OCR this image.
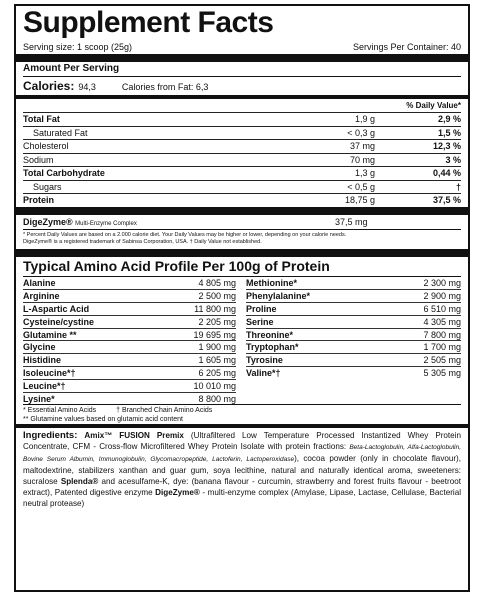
Supplement Facts
Serving size: 1 scoop (25g)	Servings Per Container: 40
Amount Per Serving
Calories: 94,3	Calories from Fat: 6,3
% Daily Value*
Total Fat	1,9 g	2,9 %
Saturated Fat	< 0,3 g	1,5 %
Cholesterol	37 mg	12,3 %
Sodium	70 mg	3 %
Total Carbohydrate	1,3 g	0,44 %
Sugars	< 0,5 g	†
Protein	18,75 g	37,5 %
DigeZyme® Multi-Enzyme Complex	37,5 mg
* Percent Daily Values are based on a 2.000 calorie diet. Your Daily Values may be higher or lower, depending on your calorie needs.
DigeZyme® is a registered trademark of Sabinsa Corporation, USA. † Daily Value not established.
Typical Amino Acid Profile Per 100g of Protein
Alanine	4 805 mg
Arginine	2 500 mg
L-Aspartic Acid	11 800 mg
Cysteine/cystine	2 205 mg
Glutamine **	19 695 mg
Glycine	1 900 mg
Histidine	1 605 mg
Isoleucine*†	6 205 mg
Leucine*†	10 010 mg
Lysine*	8 800 mg
Methionine*	2 300 mg
Phenylalanine*	2 900 mg
Proline	6 510 mg
Serine	4 305 mg
Threonine*	7 800 mg
Tryptophan*	1 700 mg
Tyrosine	2 505 mg
Valine*†	5 305 mg
* Essential Amino Acids	† Branched Chain Amino Acids
** Glutamine values based on glutamic acid content
Ingredients: Amix™ FUSION Premix (Ultrafiltered Low Temperature Processed Instantized Whey Protein Concentrate, CFM - Cross-flow Microfiltered Whey Protein Isolate with protein fractions: Beta-Lactoglobulin, Alfa-Lactoglobulin, Bovine Serum Albumin, Immunoglobulin, Glycomacropeptide, Lactoferin, Lactoperoxidase), cocoa powder (only in chocolate flavour), maltodextrine, stabilizers xanthan and guar gum, soya lecithine, natural and naturally identical aroma, sweeteners: sucralose Splenda® and acesulfame-K, dye: (banana flavour - curcumin, strawberry and forest fruits flavour - beetroot extract), Patented digestive enzyme DigeZyme® - multi-enzyme complex (Amylase, Lipase, Lactase, Cellulase, Bacterial neutral protease)
